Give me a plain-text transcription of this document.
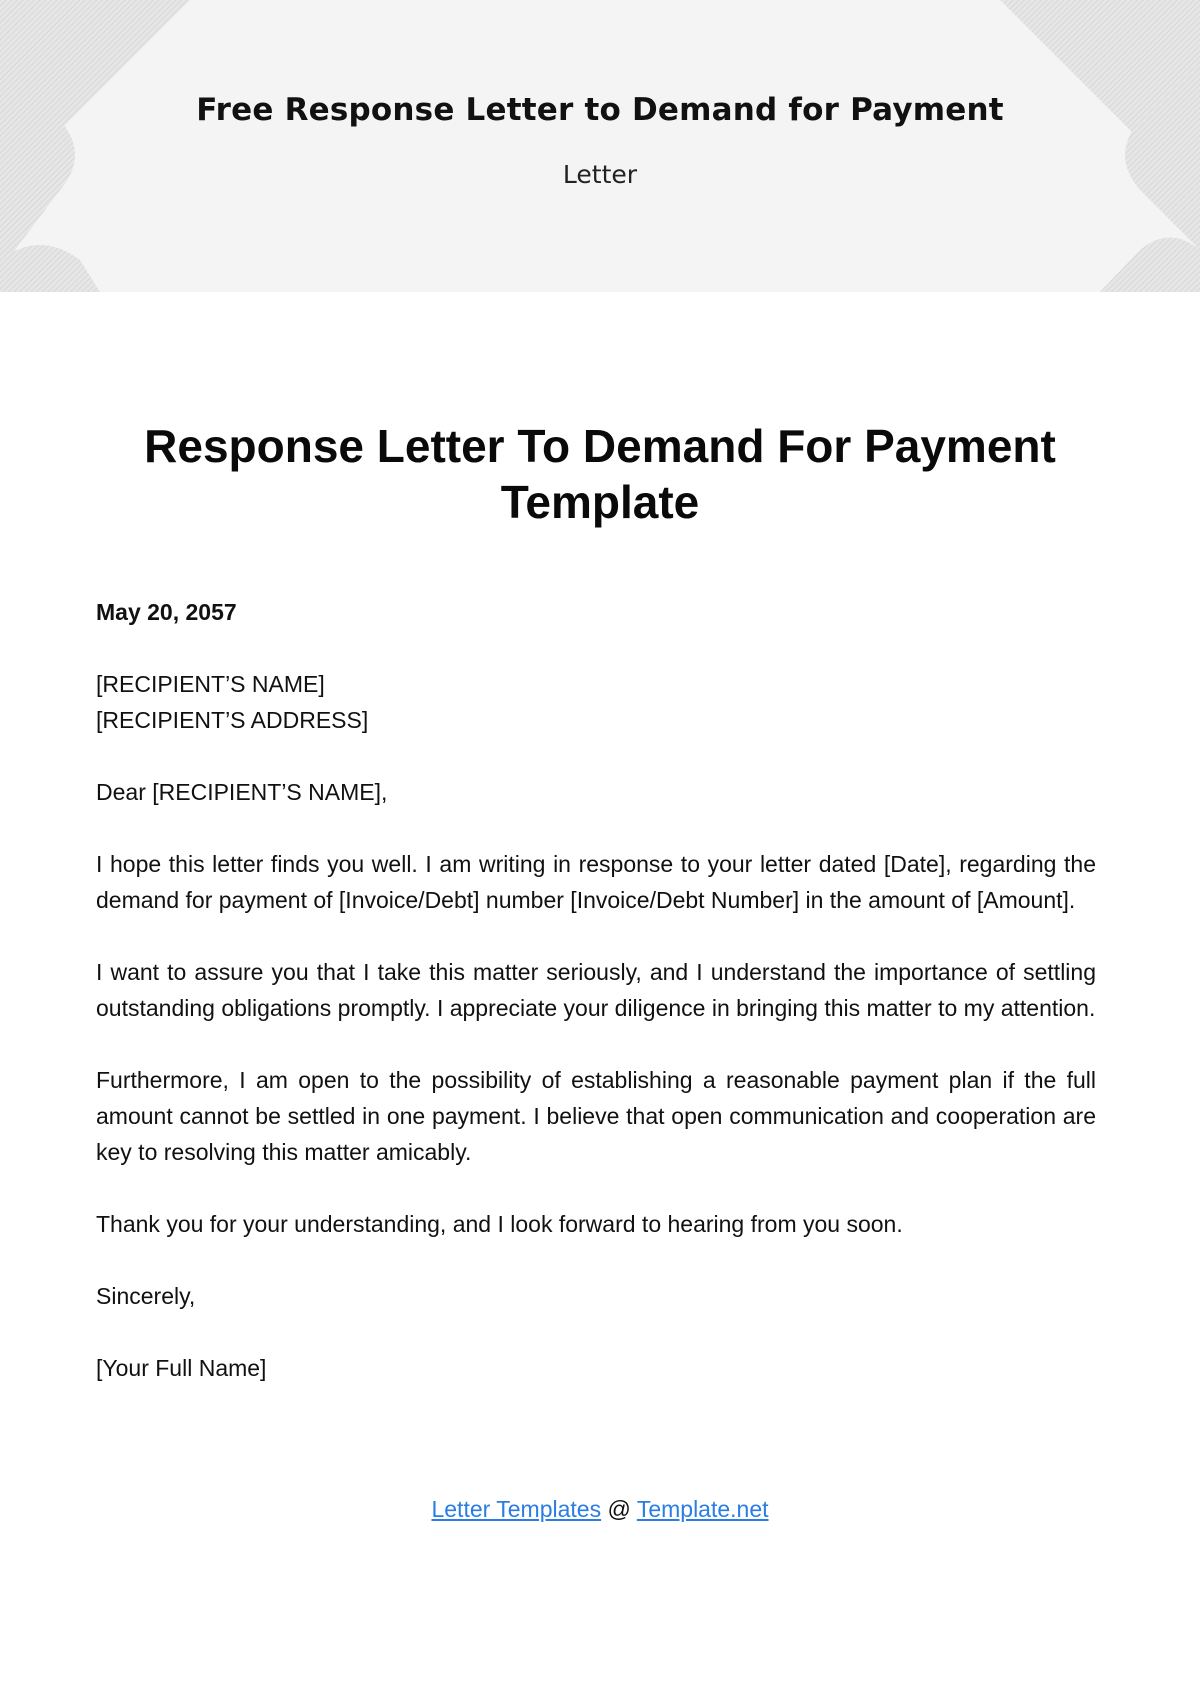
Free Response Letter to Demand for Payment
Letter
Response Letter To Demand For Payment
Template

May 20, 2057

[RECIPIENT’S NAME]
[RECIPIENT’S ADDRESS]

Dear [RECIPIENT’S NAME],

I hope this letter finds you well. I am writing in response to your letter dated [Date], regarding the demand for payment of [Invoice/Debt] number [Invoice/Debt Number] in the amount of [Amount].

I want to assure you that I take this matter seriously, and I understand the importance of settling outstanding obligations promptly. I appreciate your diligence in bringing this matter to my attention.

Furthermore, I am open to the possibility of establishing a reasonable payment plan if the full amount cannot be settled in one payment. I believe that open communication and cooperation are key to resolving this matter amicably.

Thank you for your understanding, and I look forward to hearing from you soon.

Sincerely,

[Your Full Name]

Letter Templates @ Template.net
